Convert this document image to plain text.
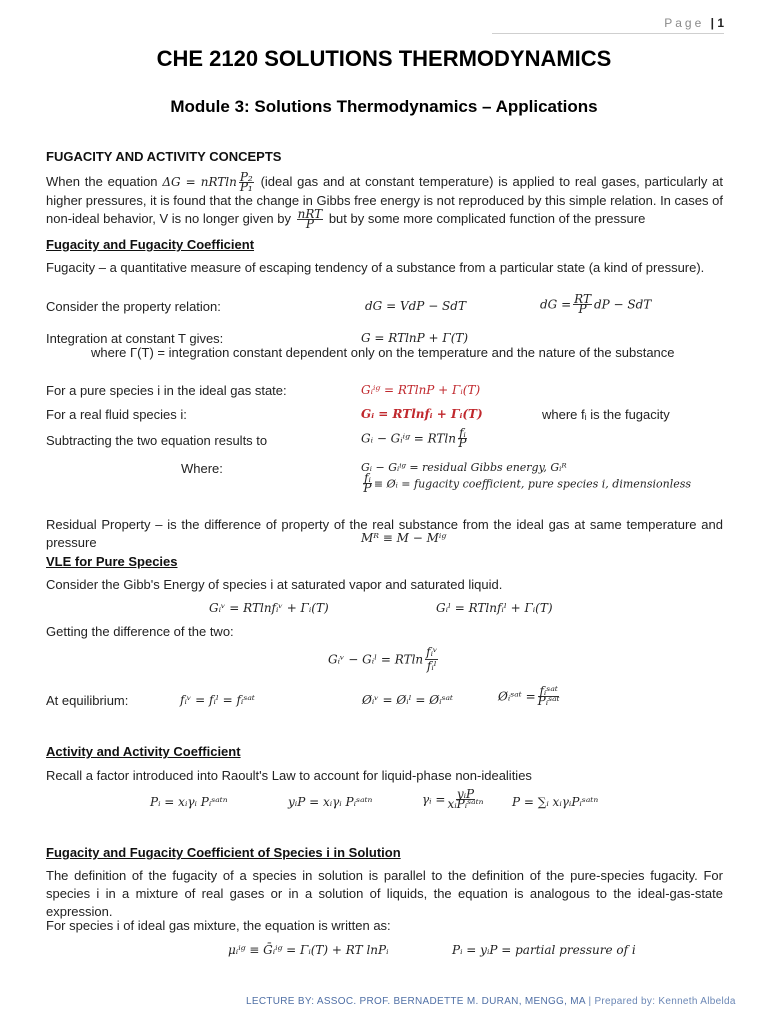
Page | 1
CHE 2120 SOLUTIONS THERMODYNAMICS
Module 3: Solutions Thermodynamics – Applications
FUGACITY AND ACTIVITY CONCEPTS
When the equation ΔG = nRTln $\frac{\text{P₂}}{\text{P₁}}$ (ideal gas and at constant temperature) is applied to real gases, particularly at higher pressures, it is found that the change in Gibbs free energy is not reproduced by this simple relation. In cases of non-ideal behavior, V is no longer given by $\frac{\text{nRT}}{P}$ but by some more complicated function of the pressure
Fugacity and Fugacity Coefficient
Fugacity – a quantitative measure of escaping tendency of a substance from a particular state (a kind of pressure).
Consider the property relation:	dG = VdP − SdT	dG = $\frac{RT}{P}$ dP − SdT
Integration at constant T gives:	G = RTlnP + Γ(T)
where Γ(T) = integration constant dependent only on the temperature and the nature of the substance
For a pure species i in the ideal gas state:	Gᵢⁱᵍ = RTlnP + Γᵢ(T)
For a real fluid species i:	Gᵢ = RTlnfᵢ + Γᵢ(T)	where fᵢ is the fugacity
Subtracting the two equation results to	Gᵢ − Gᵢⁱᵍ = RTln $\frac{\text{fᵢ}}{P}$
Where:	Gᵢ − Gᵢⁱᵍ = residual Gibbs energy, Gᵢᴿ
$\frac{\text{fᵢ}}{P}$ ≡ Øᵢ = fugacity coefficient, pure species i, dimensionless
Residual Property – is the difference of property of the real substance from the ideal gas at same temperature and pressure	Mᴿ ≡ M − Mⁱᵍ
VLE for Pure Species
Consider the Gibb's Energy of species i at saturated vapor and saturated liquid.
Gᵢᵛ = RTlnfᵢᵛ + Γᵢ(T)	Gᵢˡ = RTlnfᵢˡ + Γᵢ(T)
Getting the difference of the two:
Gᵢᵛ − Gᵢˡ = RTln $\frac{\text{fᵢᵛ}}{\text{fᵢˡ}}$
At equilibrium:	fᵢᵛ = fᵢˡ = fᵢˢᵃᵗ	Øᵢᵛ = Øᵢˡ = Øᵢˢᵃᵗ	Øᵢˢᵃᵗ = $\frac{\text{fᵢˢᵃᵗ}}{\text{Pᵢˢᵃᵗ}}$
Activity and Activity Coefficient
Recall a factor introduced into Raoult's Law to account for liquid-phase non-idealities
Pᵢ = xᵢγᵢ Pᵢˢᵃᵗⁿ	yᵢP = xᵢγᵢ Pᵢˢᵃᵗⁿ	γᵢ = $\frac{\text{yᵢP}}{\text{xᵢPᵢˢᵃᵗⁿ}}$ P = ∑ᵢ xᵢγᵢPᵢˢᵃᵗⁿ
Fugacity and Fugacity Coefficient of Species i in Solution
The definition of the fugacity of a species in solution is parallel to the definition of the pure-species fugacity. For species i in a mixture of real gases or in a solution of liquids, the equation is analogous to the ideal-gas-state expression.
For species i of ideal gas mixture, the equation is written as:
μᵢⁱᵍ ≡ Ḡᵢⁱᵍ = Γᵢ(T) + RT lnPᵢ	Pᵢ = yᵢP = partial pressure of i
LECTURE BY: ASSOC. PROF. BERNADETTE M. DURAN, MENGG, MA | Prepared by: Kenneth Albelda
